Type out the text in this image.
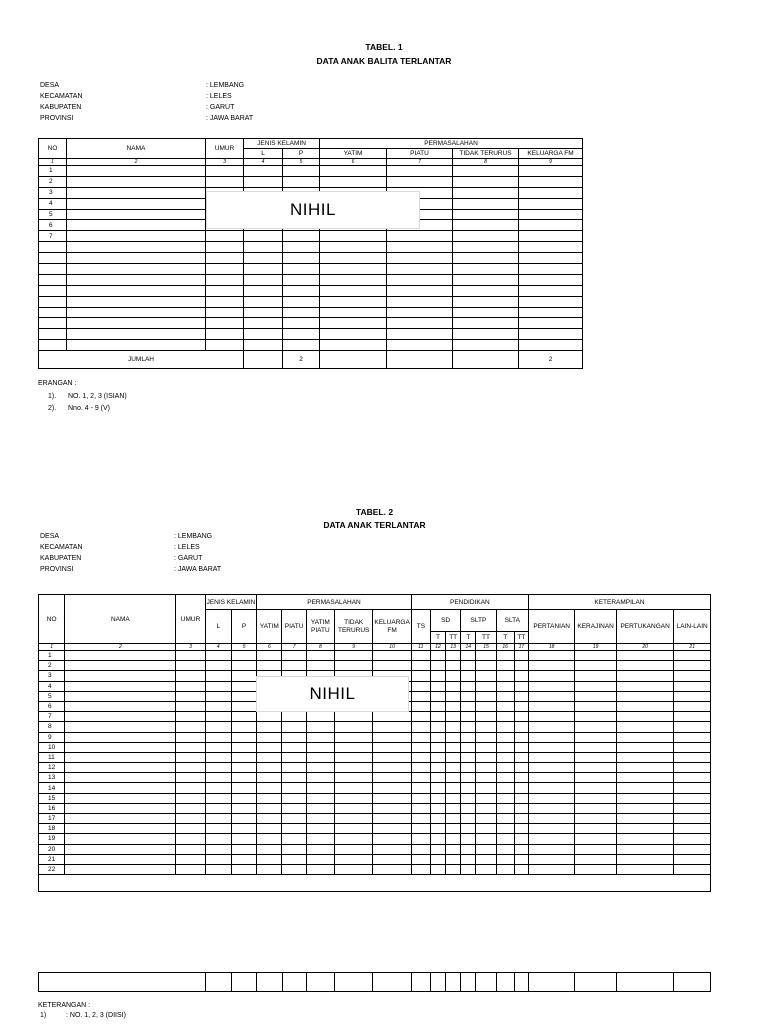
TABEL. 1
DATA ANAK BALITA TERLANTAR
DESA	: LEMBANG
KECAMATAN	: LELES
KABUPATEN	: GARUT
PROVINSI	: JAWA BARAT
NO	NAMA	UMUR	JENIS KELAMIN		PERMASALAHAN			
			L	P	YATIM	PIATU	TIDAK TERURUS	KELUARGA FM
1	2	3	4	5	6	7	8	9
1								
2								
3								
4								
5								
6								
7								

JUMLAH				2				2
NIHIL
ERANGAN :
1). NO. 1, 2, 3 (ISIAN)
2). Nno. 4 - 9 (V)
TABEL. 2
DATA ANAK TERLANTAR
DESA	: LEMBANG
KECAMATAN	: LELES
KABUPATEN	: GARUT
PROVINSI	: JAWA BARAT
NO	NAMA	UMUR	JENIS KELAMIN		PERMASALAHAN					PENDIDIKAN							KETERAMPILAN			
			L	P	YATIM	PIATU	YATIM PIATU	TIDAK TERURUS	KELUARGA FM	TS	SD		SLTP		SLTA		PERTANIAN	KERAJINAN	PERTUKANGAN	LAIN-LAIN
											T	TT	T	TT	T	TT				
1	2	3	4	5	6	7	8	9	10	11	12	13	14	15	16	17	18	19	20	21
1																				
2																				
3																				
4																				
5																				
6																				
7																				
8																				
9																				
10																				
11																				
12																				
13																				
14																				
15																				
16																				
17																				
18																				
19																				
20																				
21																				
22																				

NIHIL

KETERANGAN :
1)	: NO. 1, 2, 3 (DIISI)
